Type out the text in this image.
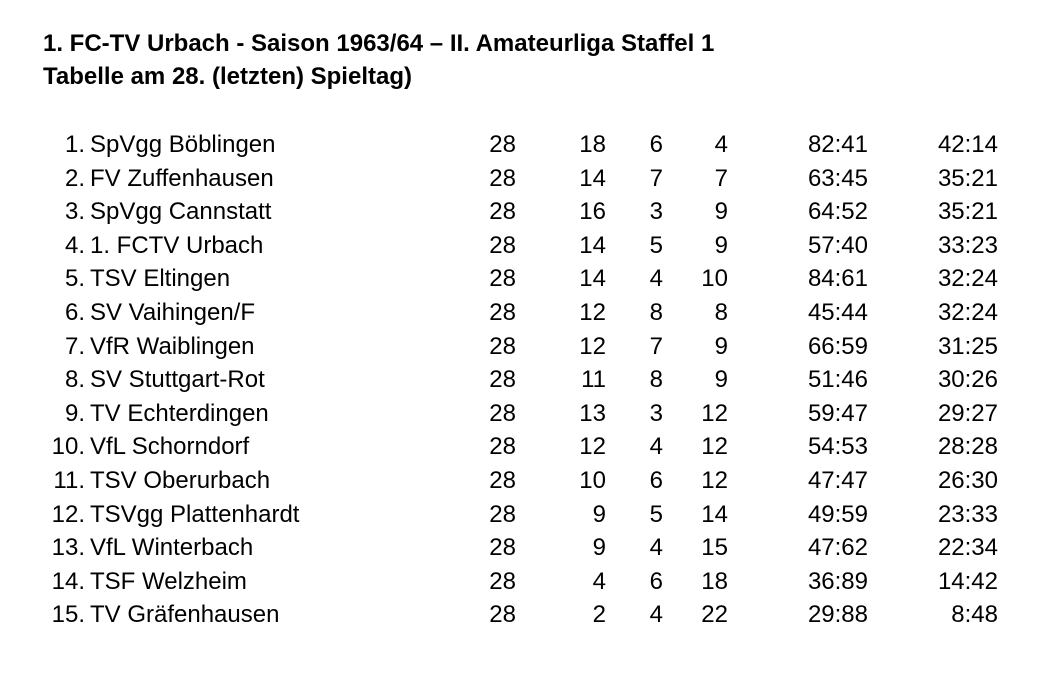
1. FC-TV Urbach - Saison 1963/64 – II. Amateurliga Staffel 1
Tabelle am 28. (letzten) Spieltag)
1. SpVgg Böblingen	28	18 6 4	82:41	42:14
2. FV Zuffenhausen	28	14 7 7	63:45	35:21
3. SpVgg Cannstatt	28	16 3 9	64:52	35:21
4. 1. FCTV Urbach	28	14 5 9	57:40	33:23
5. TSV Eltingen	28	14 4 10	84:61	32:24
6. SV Vaihingen/F	28	12 8 8	45:44	32:24
7. VfR Waiblingen	28	12 7 9	66:59	31:25
8. SV Stuttgart-Rot	28	11 8 9	51:46	30:26
9. TV Echterdingen	28	13 3 12	59:47	29:27
10. VfL Schorndorf	28	12 4 12	54:53	28:28
11. TSV Oberurbach	28	10 6 12	47:47	26:30
12. TSVgg Plattenhardt	28	9 5 14	49:59	23:33
13. VfL Winterbach	28	9 4 15	47:62	22:34
14. TSF Welzheim	28	4 6 18	36:89	14:42
15. TV Gräfenhausen	28	2 4 22	29:88	8:48
